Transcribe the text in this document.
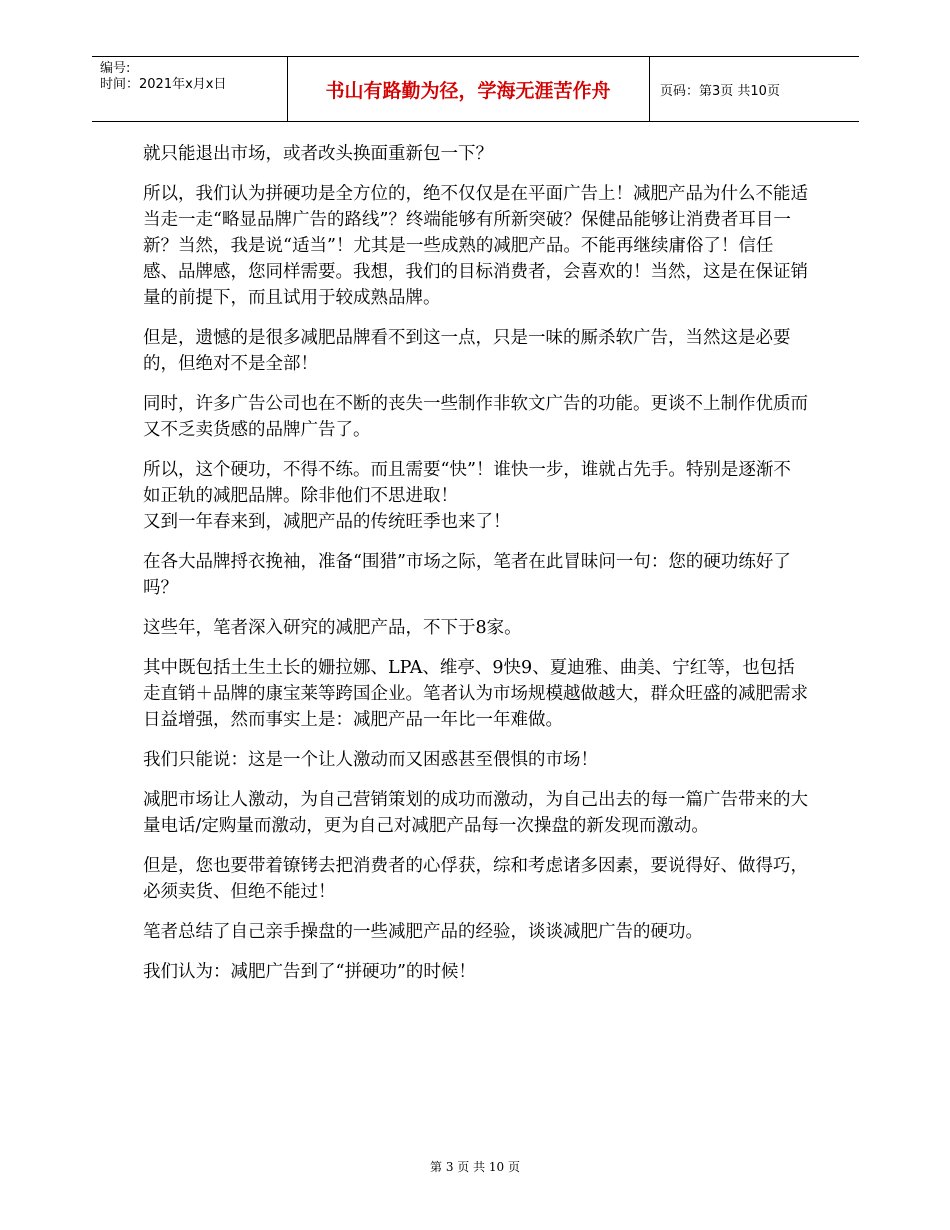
编号:
时间：2021年x月x日	书山有路勤为径，学海无涯苦作舟	页码：第3页 共10页

就只能退出市场，或者改头换面重新包一下？

所以，我们认为拼硬功是全方位的，绝不仅仅是在平面广告上！减肥产品为什么不能适当走一走“略显品牌广告的路线”？终端能够有所新突破？保健品能够让消费者耳目一新？当然，我是说“适当”！尤其是一些成熟的减肥产品。不能再继续庸俗了！信任感、品牌感，您同样需要。我想，我们的目标消费者，会喜欢的！当然，这是在保证销量的前提下，而且试用于较成熟品牌。

但是，遗憾的是很多减肥品牌看不到这一点，只是一味的厮杀软广告，当然这是必要的，但绝对不是全部！

同时，许多广告公司也在不断的丧失一些制作非软文广告的功能。更谈不上制作优质而又不乏卖货感的品牌广告了。

所以，这个硬功，不得不练。而且需要“快”！谁快一步，谁就占先手。特别是逐渐不如正轨的减肥品牌。除非他们不思进取！
又到一年春来到，减肥产品的传统旺季也来了！

在各大品牌捋衣挽袖，准备“围猎”市场之际，笔者在此冒昧问一句：您的硬功练好了吗？

这些年，笔者深入研究的减肥产品，不下于8家。

其中既包括土生土长的姗拉娜、LPA、维亭、9快9、夏迪雅、曲美、宁红等，也包括走直销＋品牌的康宝莱等跨国企业。笔者认为市场规模越做越大，群众旺盛的减肥需求日益增强，然而事实上是：减肥产品一年比一年难做。

我们只能说：这是一个让人激动而又困惑甚至偎惧的市场！

减肥市场让人激动，为自己营销策划的成功而激动，为自己出去的每一篇广告带来的大量电话/定购量而激动，更为自己对减肥产品每一次操盘的新发现而激动。

但是，您也要带着镣铐去把消费者的心俘获，综和考虑诸多因素，要说得好、做得巧，必须卖货、但绝不能过！

笔者总结了自己亲手操盘的一些减肥产品的经验，谈谈减肥广告的硬功。

我们认为：减肥广告到了“拼硬功”的时候！

第 3 页 共 10 页
